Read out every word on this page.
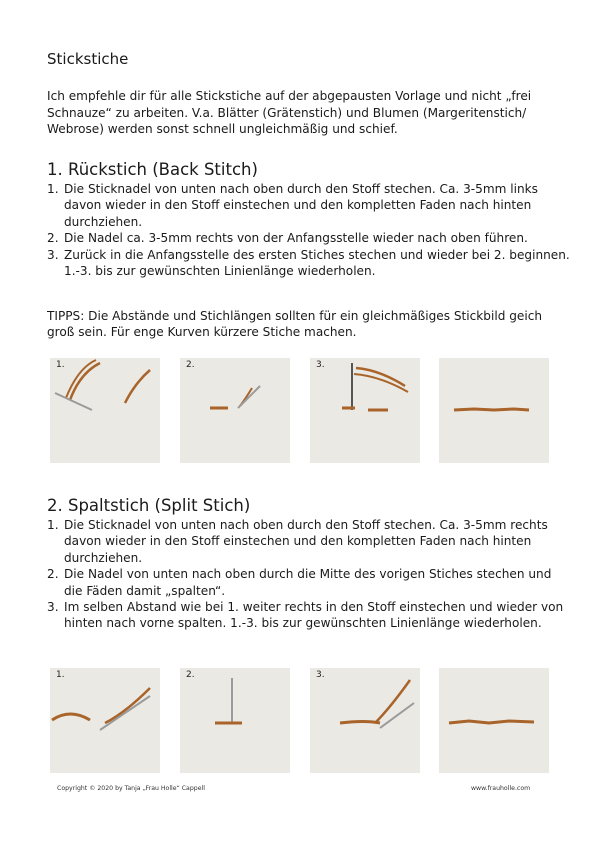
Stickstiche
Ich empfehle dir für alle Stickstiche auf der abgepausten Vorlage und nicht „frei Schnauze“ zu arbeiten. V.a. Blätter (Grätenstich) und Blumen (Margeritenstich/ Webrose) werden sonst schnell ungleichmäßig und schief.
1. Rückstich (Back Stitch)
1. Die Sticknadel von unten nach oben durch den Stoff stechen. Ca. 3-5mm links davon wieder in den Stoff einstechen und den kompletten Faden nach hinten durchziehen.
2. Die Nadel ca. 3-5mm rechts von der Anfangsstelle wieder nach oben führen.
3. Zurück in die Anfangsstelle des ersten Stiches stechen und wieder bei 2. beginnen. 1.-3. bis zur gewünschten Linienlänge wiederholen.
TIPPS: Die Abstände und Stichlängen sollten für ein gleichmäßiges Stickbild geich groß sein. Für enge Kurven kürzere Stiche machen.
1.	2.	3.
2. Spaltstich (Split Stich)
1. Die Sticknadel von unten nach oben durch den Stoff stechen. Ca. 3-5mm rechts davon wieder in den Stoff einstechen und den kompletten Faden nach hinten durchziehen.
2. Die Nadel von unten nach oben durch die Mitte des vorigen Stiches stechen und die Fäden damit „spalten“.
3. Im selben Abstand wie bei 1. weiter rechts in den Stoff einstechen und wieder von hinten nach vorne spalten. 1.-3. bis zur gewünschten Linienlänge wiederholen.
1.	2.	3.
Copyright © 2020 by Tanja „Frau Holle“ Cappell	www.frauholle.com
